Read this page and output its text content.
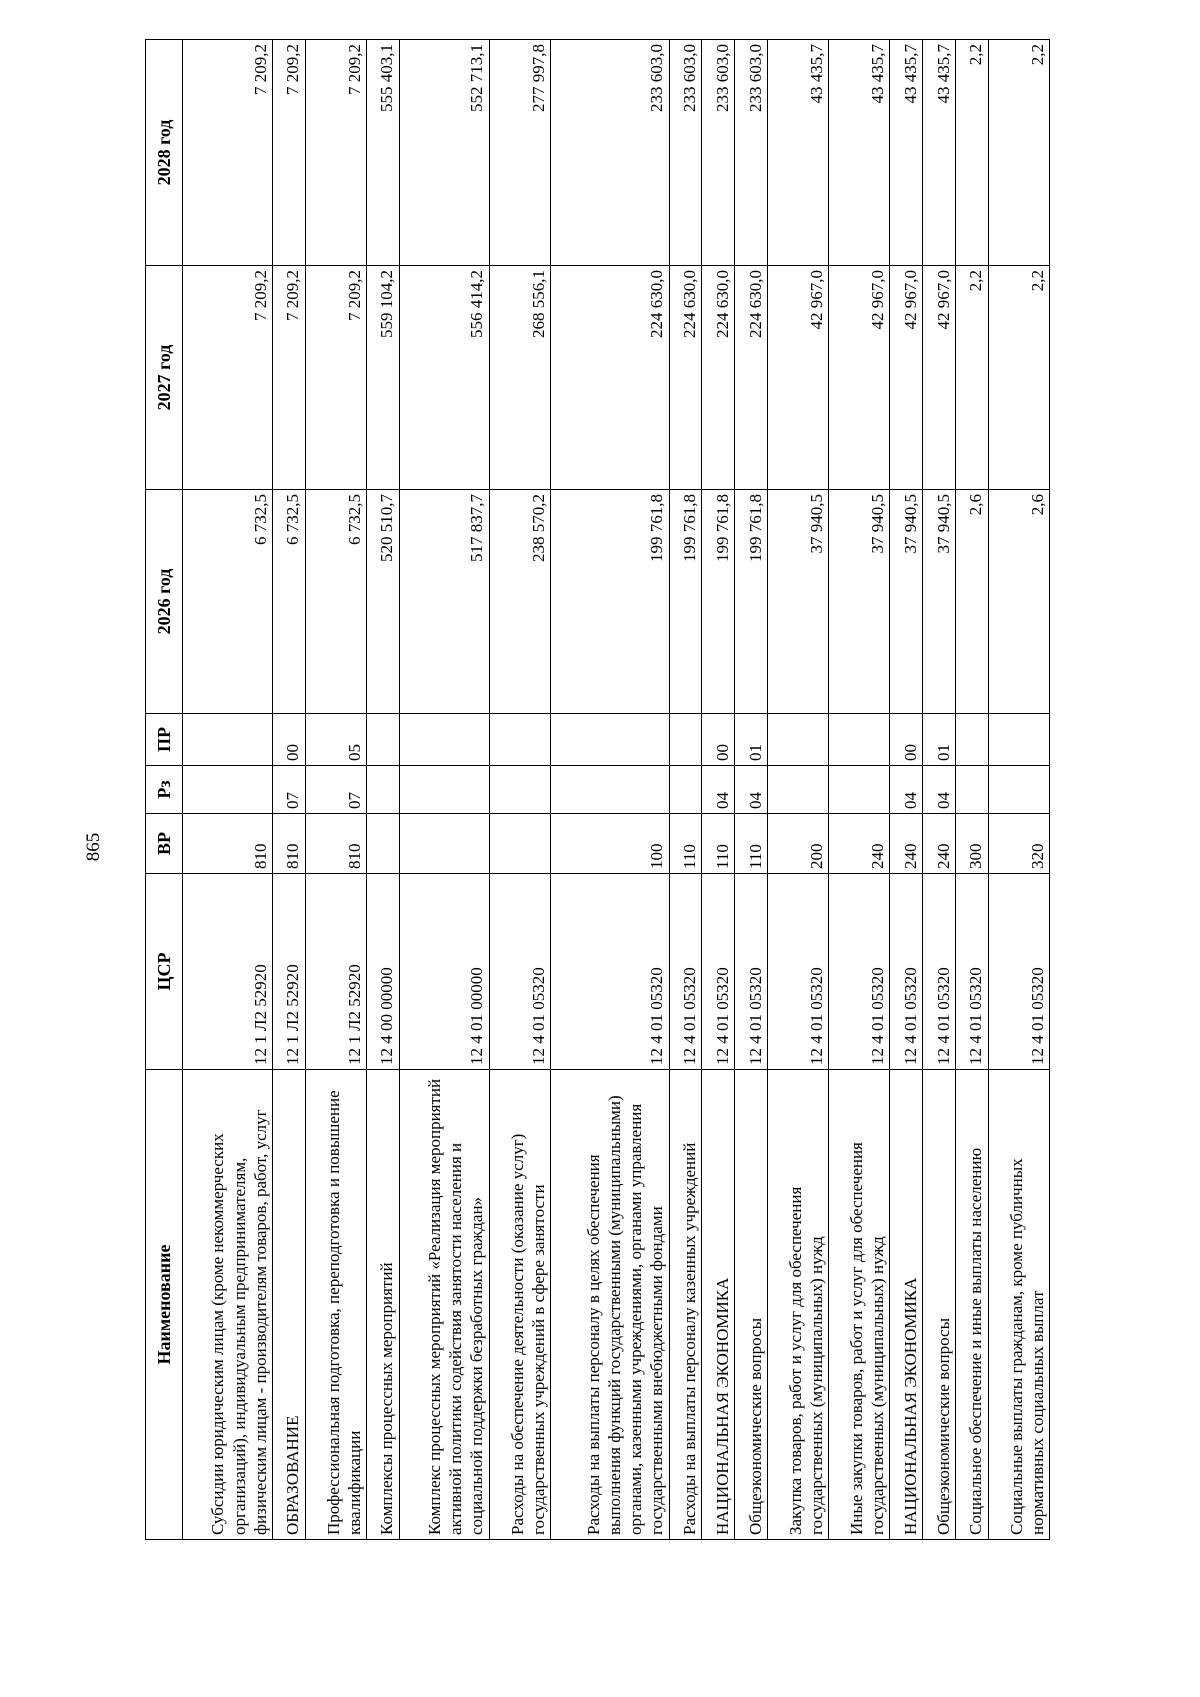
865
Наименование	ЦСР	ВР	Рз	ПР	2026 год	2027 год	2028 год
Субсидии юридическим лицам (кроме некоммерческих организаций), индивидуальным предпринимателям, физическим лицам - производителям товаров, работ, услуг	12 1 Л2 52920	810			6 732,5	7 209,2	7 209,2
ОБРАЗОВАНИЕ	12 1 Л2 52920	810	07	00	6 732,5	7 209,2	7 209,2
Профессиональная подготовка, переподготовка и повышение квалификации	12 1 Л2 52920	810	07	05	6 732,5	7 209,2	7 209,2
Комплексы процессных мероприятий	12 4 00 00000				520 510,7	559 104,2	555 403,1
Комплекс процессных мероприятий «Реализация мероприятий активной политики содействия занятости населения и социальной поддержки безработных граждан»	12 4 01 00000				517 837,7	556 414,2	552 713,1
Расходы на обеспечение деятельности (оказание услуг) государственных учреждений в сфере занятости	12 4 01 05320				238 570,2	268 556,1	277 997,8
Расходы на выплаты персоналу в целях обеспечения выполнения функций государственными (муниципальными) органами, казенными учреждениями, органами управления государственными внебюджетными фондами	12 4 01 05320	100			199 761,8	224 630,0	233 603,0
Расходы на выплаты персоналу казенных учреждений	12 4 01 05320	110			199 761,8	224 630,0	233 603,0
НАЦИОНАЛЬНАЯ ЭКОНОМИКА	12 4 01 05320	110	04	00	199 761,8	224 630,0	233 603,0
Общеэкономические вопросы	12 4 01 05320	110	04	01	199 761,8	224 630,0	233 603,0
Закупка товаров, работ и услуг для обеспечения государственных (муниципальных) нужд	12 4 01 05320	200			37 940,5	42 967,0	43 435,7
Иные закупки товаров, работ и услуг для обеспечения государственных (муниципальных) нужд	12 4 01 05320	240			37 940,5	42 967,0	43 435,7
НАЦИОНАЛЬНАЯ ЭКОНОМИКА	12 4 01 05320	240	04	00	37 940,5	42 967,0	43 435,7
Общеэкономические вопросы	12 4 01 05320	240	04	01	37 940,5	42 967,0	43 435,7
Социальное обеспечение и иные выплаты населению	12 4 01 05320	300			2,6	2,2	2,2
Социальные выплаты гражданам, кроме публичных нормативных социальных выплат	12 4 01 05320	320			2,6	2,2	2,2
